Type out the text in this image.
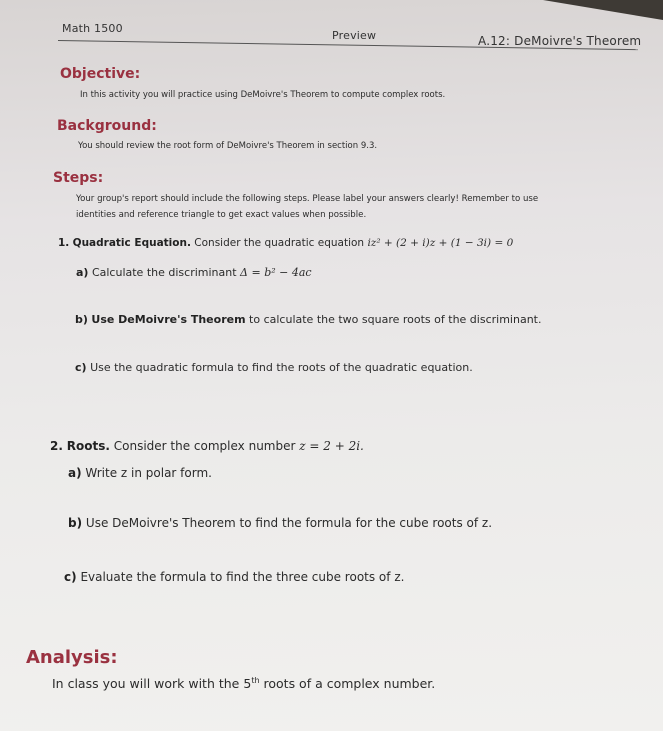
Math 1500
Preview	A.12: DeMoivre's Theorem
Objective:
In this activity you will practice using DeMoivre's Theorem to compute complex roots.
Background:
You should review the root form of DeMoivre's Theorem in section 9.3.
Steps:
Your group's report should include the following steps. Please label your answers clearly! Remember to use
identities and reference triangle to get exact values when possible.
1. Quadratic Equation. Consider the quadratic equation iz² + (2 + i)z + (1 − 3i) = 0
a) Calculate the discriminant Δ = b² − 4ac
b) Use DeMoivre's Theorem to calculate the two square roots of the discriminant.
c) Use the quadratic formula to find the roots of the quadratic equation.
2. Roots. Consider the complex number z = 2 + 2i.
a) Write z in polar form.
b) Use DeMoivre's Theorem to find the formula for the cube roots of z.
c) Evaluate the formula to find the three cube roots of z.
Analysis:
In class you will work with the 5th roots of a complex number.
